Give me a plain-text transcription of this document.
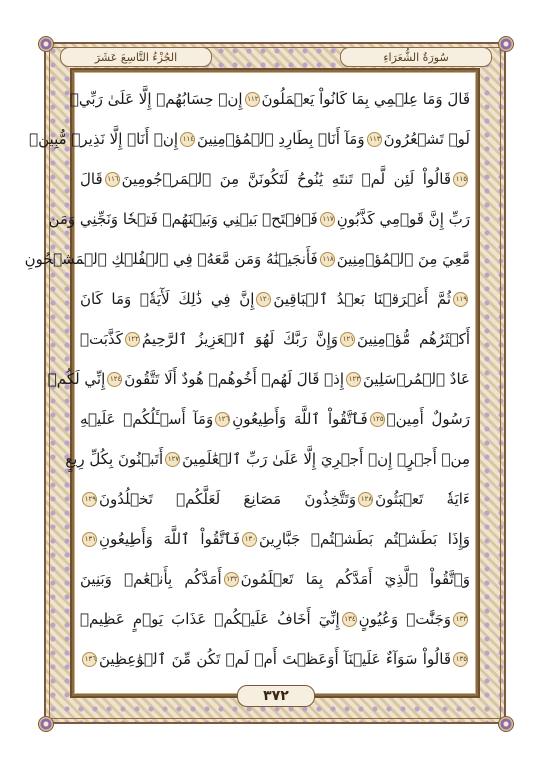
سُورَةُ الشُّعَرَاءِ
الجُزْءُ التَّاسِعَ عَشَرَ
قَالَ وَمَا عِلۡمِي بِمَا كَانُواْ يَعۡمَلُونَ١١٢إِنۡ حِسَابُهُمۡ إِلَّا عَلَىٰ رَبِّيۖ
لَوۡ تَشۡعُرُونَ١١٣وَمَآ أَنَا۠ بِطَارِدِ ٱلۡمُؤۡمِنِينَ١١٤إِنۡ أَنَا۠ إِلَّا نَذِيرٞ مُّبِينٞ
١١٥قَالُواْ لَئِن لَّمۡ تَنتَهِ يَٰنُوحُ لَتَكُونَنَّ مِنَ ٱلۡمَرۡجُومِينَ١١٦قَالَ
رَبِّ إِنَّ قَوۡمِي كَذَّبُونِ١١٧فَٱفۡتَحۡ بَيۡنِي وَبَيۡنَهُمۡ فَتۡحٗا وَنَجِّنِي وَمَن
مَّعِيَ مِنَ ٱلۡمُؤۡمِنِينَ١١٨فَأَنجَيۡنَٰهُ وَمَن مَّعَهُۥ فِي ٱلۡفُلۡكِ ٱلۡمَشۡحُونِ
١١٩ثُمَّ أَغۡرَقۡنَا بَعۡدُ ٱلۡبَاقِينَ١٢٠إِنَّ فِي ذَٰلِكَ لَأٓيَةٗۖ وَمَا كَانَ
أَكۡثَرُهُم مُّؤۡمِنِينَ١٢١وَإِنَّ رَبَّكَ لَهُوَ ٱلۡعَزِيزُ ٱلرَّحِيمُ١٢٢كَذَّبَتۡ
عَادٌ ٱلۡمُرۡسَلِينَ١٢٣إِذۡ قَالَ لَهُمۡ أَخُوهُمۡ هُودٌ أَلَا تَتَّقُونَ١٢٤إِنِّي لَكُمۡ
رَسُولٌ أَمِينٞ١٢٥فَٱتَّقُواْ ٱللَّهَ وَأَطِيعُونِ١٢٦وَمَآ أَسۡـَٔلُكُمۡ عَلَيۡهِ
مِنۡ أَجۡرٍۖ إِنۡ أَجۡرِيَ إِلَّا عَلَىٰ رَبِّ ٱلۡعَٰلَمِينَ١٢٧أَتَبۡنُونَ بِكُلِّ رِيعٍ
ءَايَةٗ تَعۡبَثُونَ١٢٨وَتَتَّخِذُونَ مَصَانِعَ لَعَلَّكُمۡ تَخۡلُدُونَ١٢٩
وَإِذَا بَطَشۡتُم بَطَشۡتُمۡ جَبَّارِينَ١٣٠فَٱتَّقُواْ ٱللَّهَ وَأَطِيعُونِ١٣١
وَٱتَّقُواْ ٱلَّذِيٓ أَمَدَّكُم بِمَا تَعۡلَمُونَ١٣٢أَمَدَّكُم بِأَنۡعَٰمٖ وَبَنِينَ
١٣٣وَجَنَّٰتٖ وَعُيُونٍ١٣٤إِنِّيٓ أَخَافُ عَلَيۡكُمۡ عَذَابَ يَوۡمٍ عَظِيمٖ
١٣٥قَالُواْ سَوَآءٌ عَلَيۡنَآ أَوَعَظۡتَ أَمۡ لَمۡ تَكُن مِّنَ ٱلۡوَٰعِظِينَ١٣٦
٣٧٢
